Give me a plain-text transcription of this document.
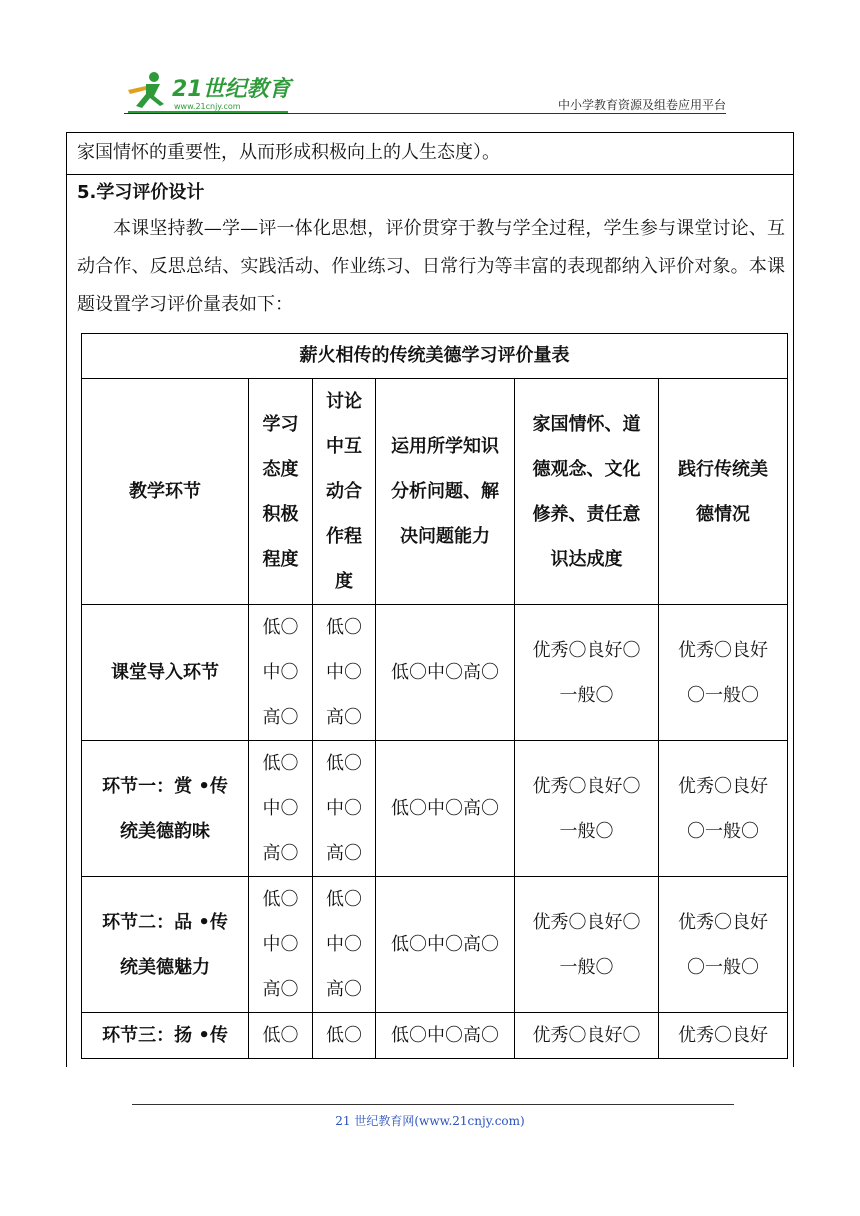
21世纪教育
www.21cnjy.com	中小学教育资源及组卷应用平台
家国情怀的重要性，从而形成积极向上的人生态度）。
5.学习评价设计
本课坚持教—学—评一体化思想，评价贯穿于教与学全过程，学生参与课堂讨论、互动合作、反思总结、实践活动、作业练习、日常行为等丰富的表现都纳入评价对象。本课题设置学习评价量表如下：
薪火相传的传统美德学习评价量表					
教学环节	学习
态度
积极
程度	讨论
中互
动合
作程
度	运用所学知识
分析问题、解
决问题能力	家国情怀、道
德观念、文化
修养、责任意
识达成度	践行传统美
德情况

课堂导入环节	低〇
中〇
高〇	低〇
中〇
高〇	低〇中〇高〇	优秀〇良好〇
一般〇	优秀〇良好
〇一般〇

环节一：赏 •传
统美德韵味	低〇
中〇
高〇	低〇
中〇
高〇	低〇中〇高〇	优秀〇良好〇
一般〇	优秀〇良好
〇一般〇

环节二：品 •传
统美德魅力	低〇
中〇
高〇	低〇
中〇
高〇	低〇中〇高〇	优秀〇良好〇
一般〇	优秀〇良好
〇一般〇

环节三：扬 •传	低〇	低〇	低〇中〇高〇	优秀〇良好〇	优秀〇良好
21 世纪教育网(www.21cnjy.com)
